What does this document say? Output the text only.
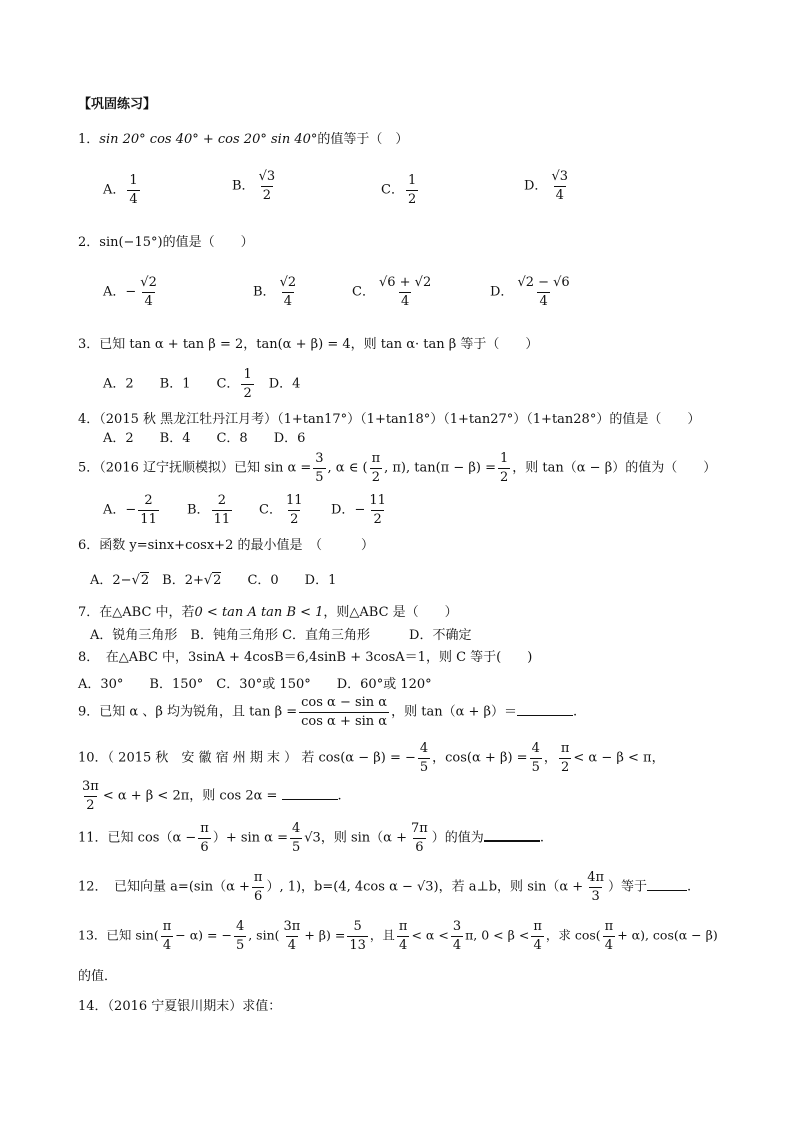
【巩固练习】
1．sin 20° cos 40° + cos 20° sin 40°的值等于（　）
A． $\frac{1}{4}$	B． $\frac{√3}{2}$	C． $\frac{1}{2}$	D． $\frac{√3}{4}$
2．sin(−15°)的值是（　　）
A．− $\frac{√2}{4}$	B． $\frac{√2}{4}$	C． $\frac{√6 + √2}{4}$	D． $\frac{√2 - √6}{4}$
3．已知 tan α + tan β = 2，tan(α + β) = 4，则 tan α· tan β 等于（　　）
A．2　　B．1　　C． $\frac{1}{2}$ 　D．4
4．（2015 秋 黑龙江牡丹江月考）（1+tan17°）（1+tan18°）（1+tan27°）（1+tan28°）的值是（　　）
A．2　　B．4　　C．8　　D．6
5．（2016 辽宁抚顺模拟）已知 $\sin \alpha = \frac{3}{5}$ , α ∈ ( $\frac{\pi}{2}$ , π), $\tan(\pi - \beta) = \frac{1}{2}$ ，则 tan（α − β）的值为（　　）
A．− $\frac{2}{11}$ B． $\frac{2}{11}$ C． $\frac{11}{2}$ D．− $\frac{11}{2}$
6．函数 y=sinx+cosx+2 的最小值是　（　　　）
A．2−√2　B．2+√2　　C．0　　D．1
7．在△ABC 中，若0 < tan A tan B < 1，则△ABC 是（　　）
A．锐角三角形　B．钝角三角形 C．直角三角形　　　D．不确定
8．　在△ABC 中，3sinA + 4cosB＝6,4sinB + 3cosA＝1，则 C 等于(　　)
A．30°　　B．150°　C．30°或 150°　　D．60°或 120°
9．已知 α 、β 均为锐角，且 $\tan \beta = \frac{\text{cos α − sin α}}{\text{cos α + sin α}}$ ，则 tan（α + β）＝	.
10．（ 2015 秋　安 徽 宿 州 期 末 ） 若 cos(α − β) = − $\frac{4}{5}$ ，$\cos(\alpha + \beta) = \frac{4}{5}$ ， $\frac{\pi}{2} < \alpha - \beta < \pi$，
$\frac{3\pi}{2} < \alpha + \beta < 2\pi$，则 cos 2α =	.
11．已知 $\cos(\alpha - \frac{\pi}{6}$ ）+ $\sin \alpha = \frac{4}{5} √3$，则 $\sin(\alpha + \frac{7\pi}{6}$ ）的值为	.
12．　已知向量 $a=(\sin(\alpha + \frac{\pi}{6}$ ）, 1)，b=(4, 4cos α − √3)，若 a⊥b，则 $\sin(\alpha + \frac{4\pi}{3}$ ）等于	.
13．已知 $\sin( \frac{\pi}{4} - \alpha)$ = − $\frac{4}{5}$ , $\sin( \frac{3\pi}{4} + \beta) = \frac{5}{13}$ ，且 $\frac{\pi}{4} < \alpha < \frac{3}{4} \pi$, $0 < \beta < \frac{\pi}{4}$ ，求 $\cos( \frac{\pi}{4} + \alpha)$, cos(α − β)
的值．
14．（2016 宁夏银川期末）求值：
